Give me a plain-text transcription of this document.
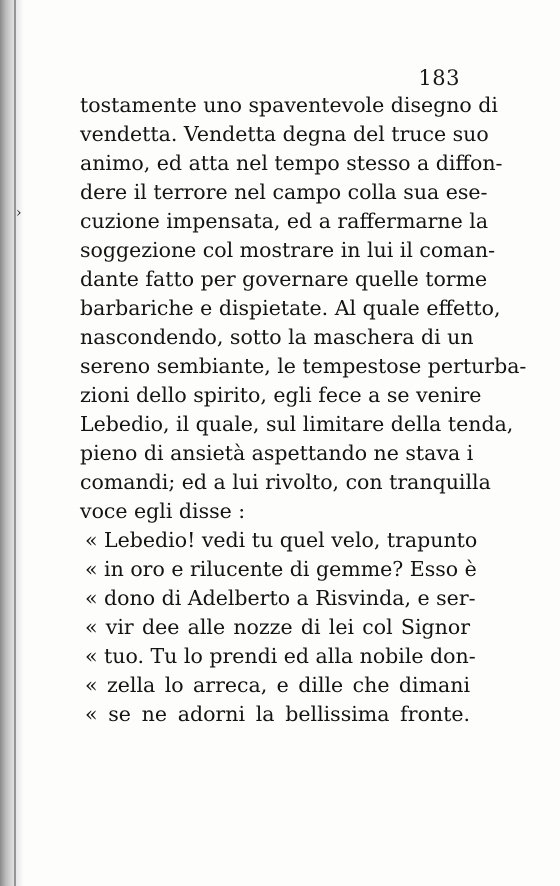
›
183
tostamente uno spaventevole disegno di
vendetta. Vendetta degna del truce suo
animo, ed atta nel tempo stesso a diffon-
dere il terrore nel campo colla sua ese-
cuzione impensata, ed a raffermarne la
soggezione col mostrare in lui il coman-
dante fatto per governare quelle torme
barbariche e dispietate. Al quale effetto,
nascondendo, sotto la maschera di un
sereno sembiante, le tempestose perturba-
zioni dello spirito, egli fece a se venire
Lebedio, il quale, sul limitare della tenda,
pieno di ansietà aspettando ne stava i
comandi; ed a lui rivolto, con tranquilla
voce egli disse :
« Lebedio! vedi tu quel velo, trapunto
« in oro e rilucente di gemme? Esso è
« dono di Adelberto a Risvinda, e ser-
« vir dee alle nozze di lei col Signor
« tuo. Tu lo prendi ed alla nobile don-
« zella lo arreca, e dille che dimani
« se ne adorni la bellissima fronte.
